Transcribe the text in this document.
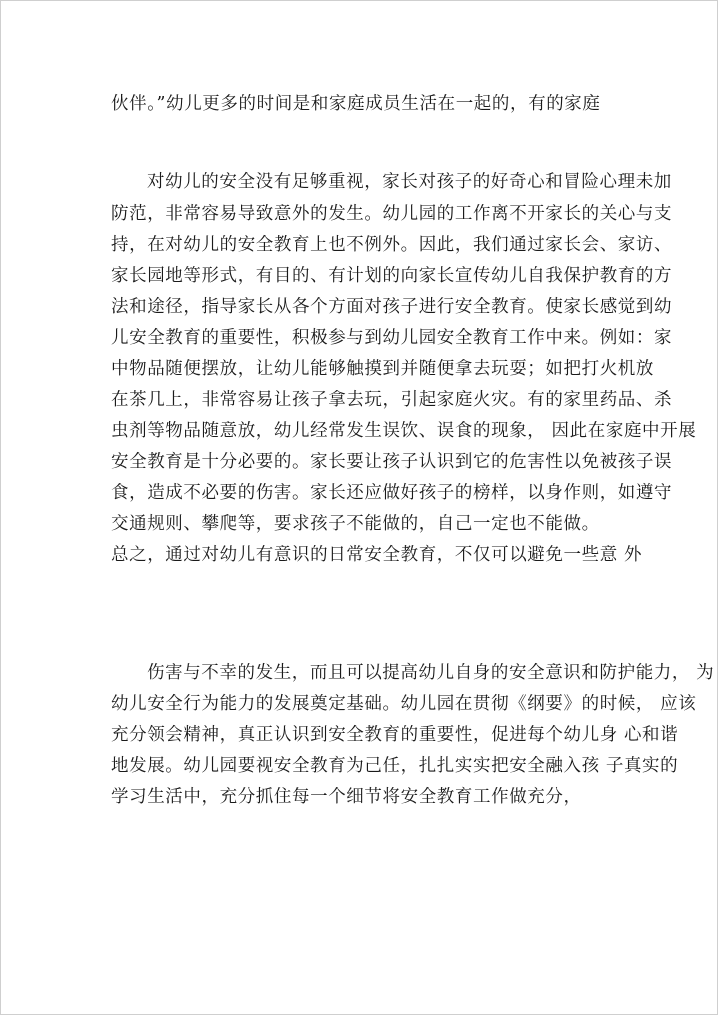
伙伴。”幼儿更多的时间是和家庭成员生活在一起的，有的家庭
对幼儿的安全没有足够重视，家长对孩子的好奇心和冒险心理未加
防范，非常容易导致意外的发生。幼儿园的工作离不开家长的关心与支
持，在对幼儿的安全教育上也不例外。因此，我们通过家长会、家访、
家长园地等形式，有目的、有计划的向家长宣传幼儿自我保护教育的方
法和途径，指导家长从各个方面对孩子进行安全教育。使家长感觉到幼
儿安全教育的重要性，积极参与到幼儿园安全教育工作中来。例如：家
中物品随便摆放，让幼儿能够触摸到并随便拿去玩耍；如把打火机放
在茶几上，非常容易让孩子拿去玩，引起家庭火灾。有的家里药品、杀
虫剂等物品随意放，幼儿经常发生误饮、误食的现象， 因此在家庭中开展
安全教育是十分必要的。家长要让孩子认识到它的危害性以免被孩子误
食，造成不必要的伤害。家长还应做好孩子的榜样，以身作则，如遵守
交通规则、攀爬等，要求孩子不能做的，自己一定也不能做。
总之，通过对幼儿有意识的日常安全教育，不仅可以避免一些意 外
伤害与不幸的发生，而且可以提高幼儿自身的安全意识和防护能力， 为
幼儿安全行为能力的发展奠定基础。幼儿园在贯彻《纲要》的时候， 应该
充分领会精神，真正认识到安全教育的重要性，促进每个幼儿身 心和谐
地发展。幼儿园要视安全教育为己任，扎扎实实把安全融入孩 子真实的
学习生活中，充分抓住每一个细节将安全教育工作做充分，
